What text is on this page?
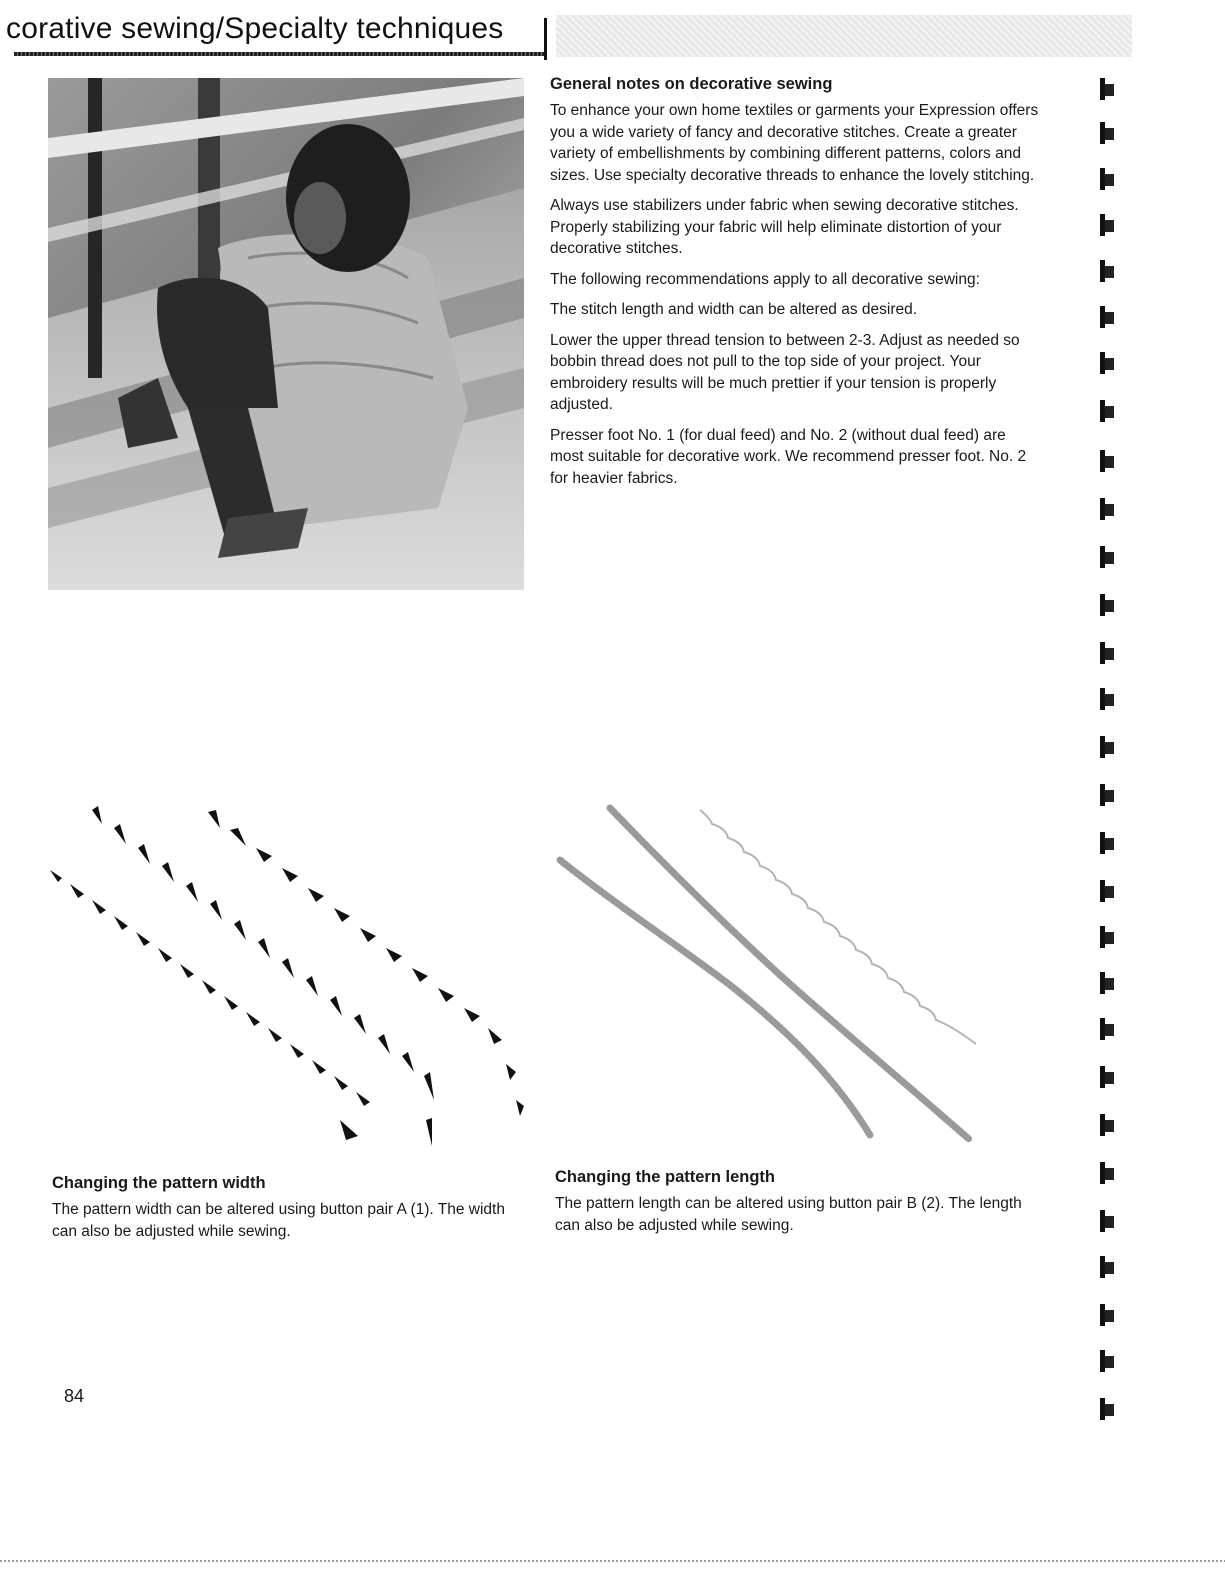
corative sewing/Specialty techniques
General notes on decorative sewing

To enhance your own home textiles or garments your Expression offers you a wide variety of fancy and decorative stitches. Create a greater variety of embellishments by combining different patterns, colors and sizes. Use specialty decorative threads to enhance the lovely stitching.

Always use stabilizers under fabric when sewing decorative stitches. Properly stabilizing your fabric will help eliminate distortion of your decorative stitches.

The following recommendations apply to all decorative sewing:

The stitch length and width can be altered as desired.

Lower the upper thread tension to between 2-3. Adjust as needed so bobbin thread does not pull to the top side of your project. Your embroidery results will be much prettier if your tension is properly adjusted.

Presser foot No. 1 (for dual feed) and No. 2 (without dual feed) are most suitable for decorative work. We recommend presser foot. No. 2 for heavier fabrics.

Changing the pattern width

The pattern width can be altered using button pair A (1). The width can also be adjusted while sewing.

Changing the pattern length

The pattern length can be altered using button pair B (2). The length can also be adjusted while sewing.

84
